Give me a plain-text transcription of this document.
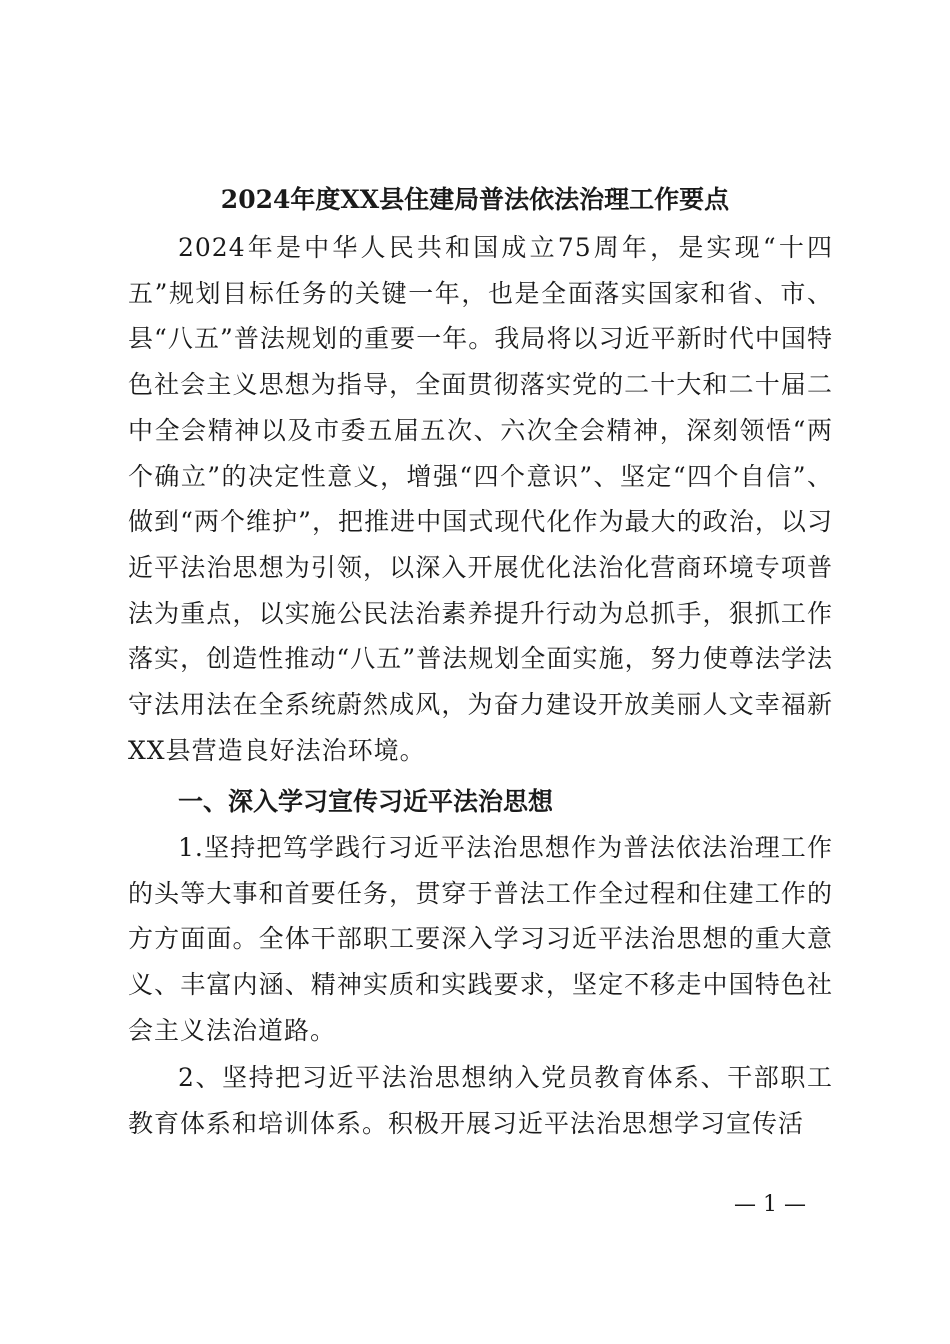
2024年度XX县住建局普法依法治理工作要点

2024年是中华人民共和国成立75周年，是实现“十四五”规划目标任务的关键一年，也是全面落实国家和省、市、县“八五”普法规划的重要一年。我局将以习近平新时代中国特色社会主义思想为指导，全面贯彻落实党的二十大和二十届二中全会精神以及市委五届五次、六次全会精神，深刻领悟“两个确立”的决定性意义，增强“四个意识”、坚定“四个自信”、做到“两个维护”，把推进中国式现代化作为最大的政治，以习近平法治思想为引领，以深入开展优化法治化营商环境专项普法为重点，以实施公民法治素养提升行动为总抓手，狠抓工作落实，创造性推动“八五”普法规划全面实施，努力使尊法学法守法用法在全系统蔚然成风，为奋力建设开放美丽人文幸福新XX县营造良好法治环境。

一、深入学习宣传习近平法治思想

1.坚持把笃学践行习近平法治思想作为普法依法治理工作的头等大事和首要任务，贯穿于普法工作全过程和住建工作的方方面面。全体干部职工要深入学习习近平法治思想的重大意义、丰富内涵、精神实质和实践要求，坚定不移走中国特色社会主义法治道路。

2、坚持把习近平法治思想纳入党员教育体系、干部职工教育体系和培训体系。积极开展习近平法治思想学习宣传活

— 1 —
